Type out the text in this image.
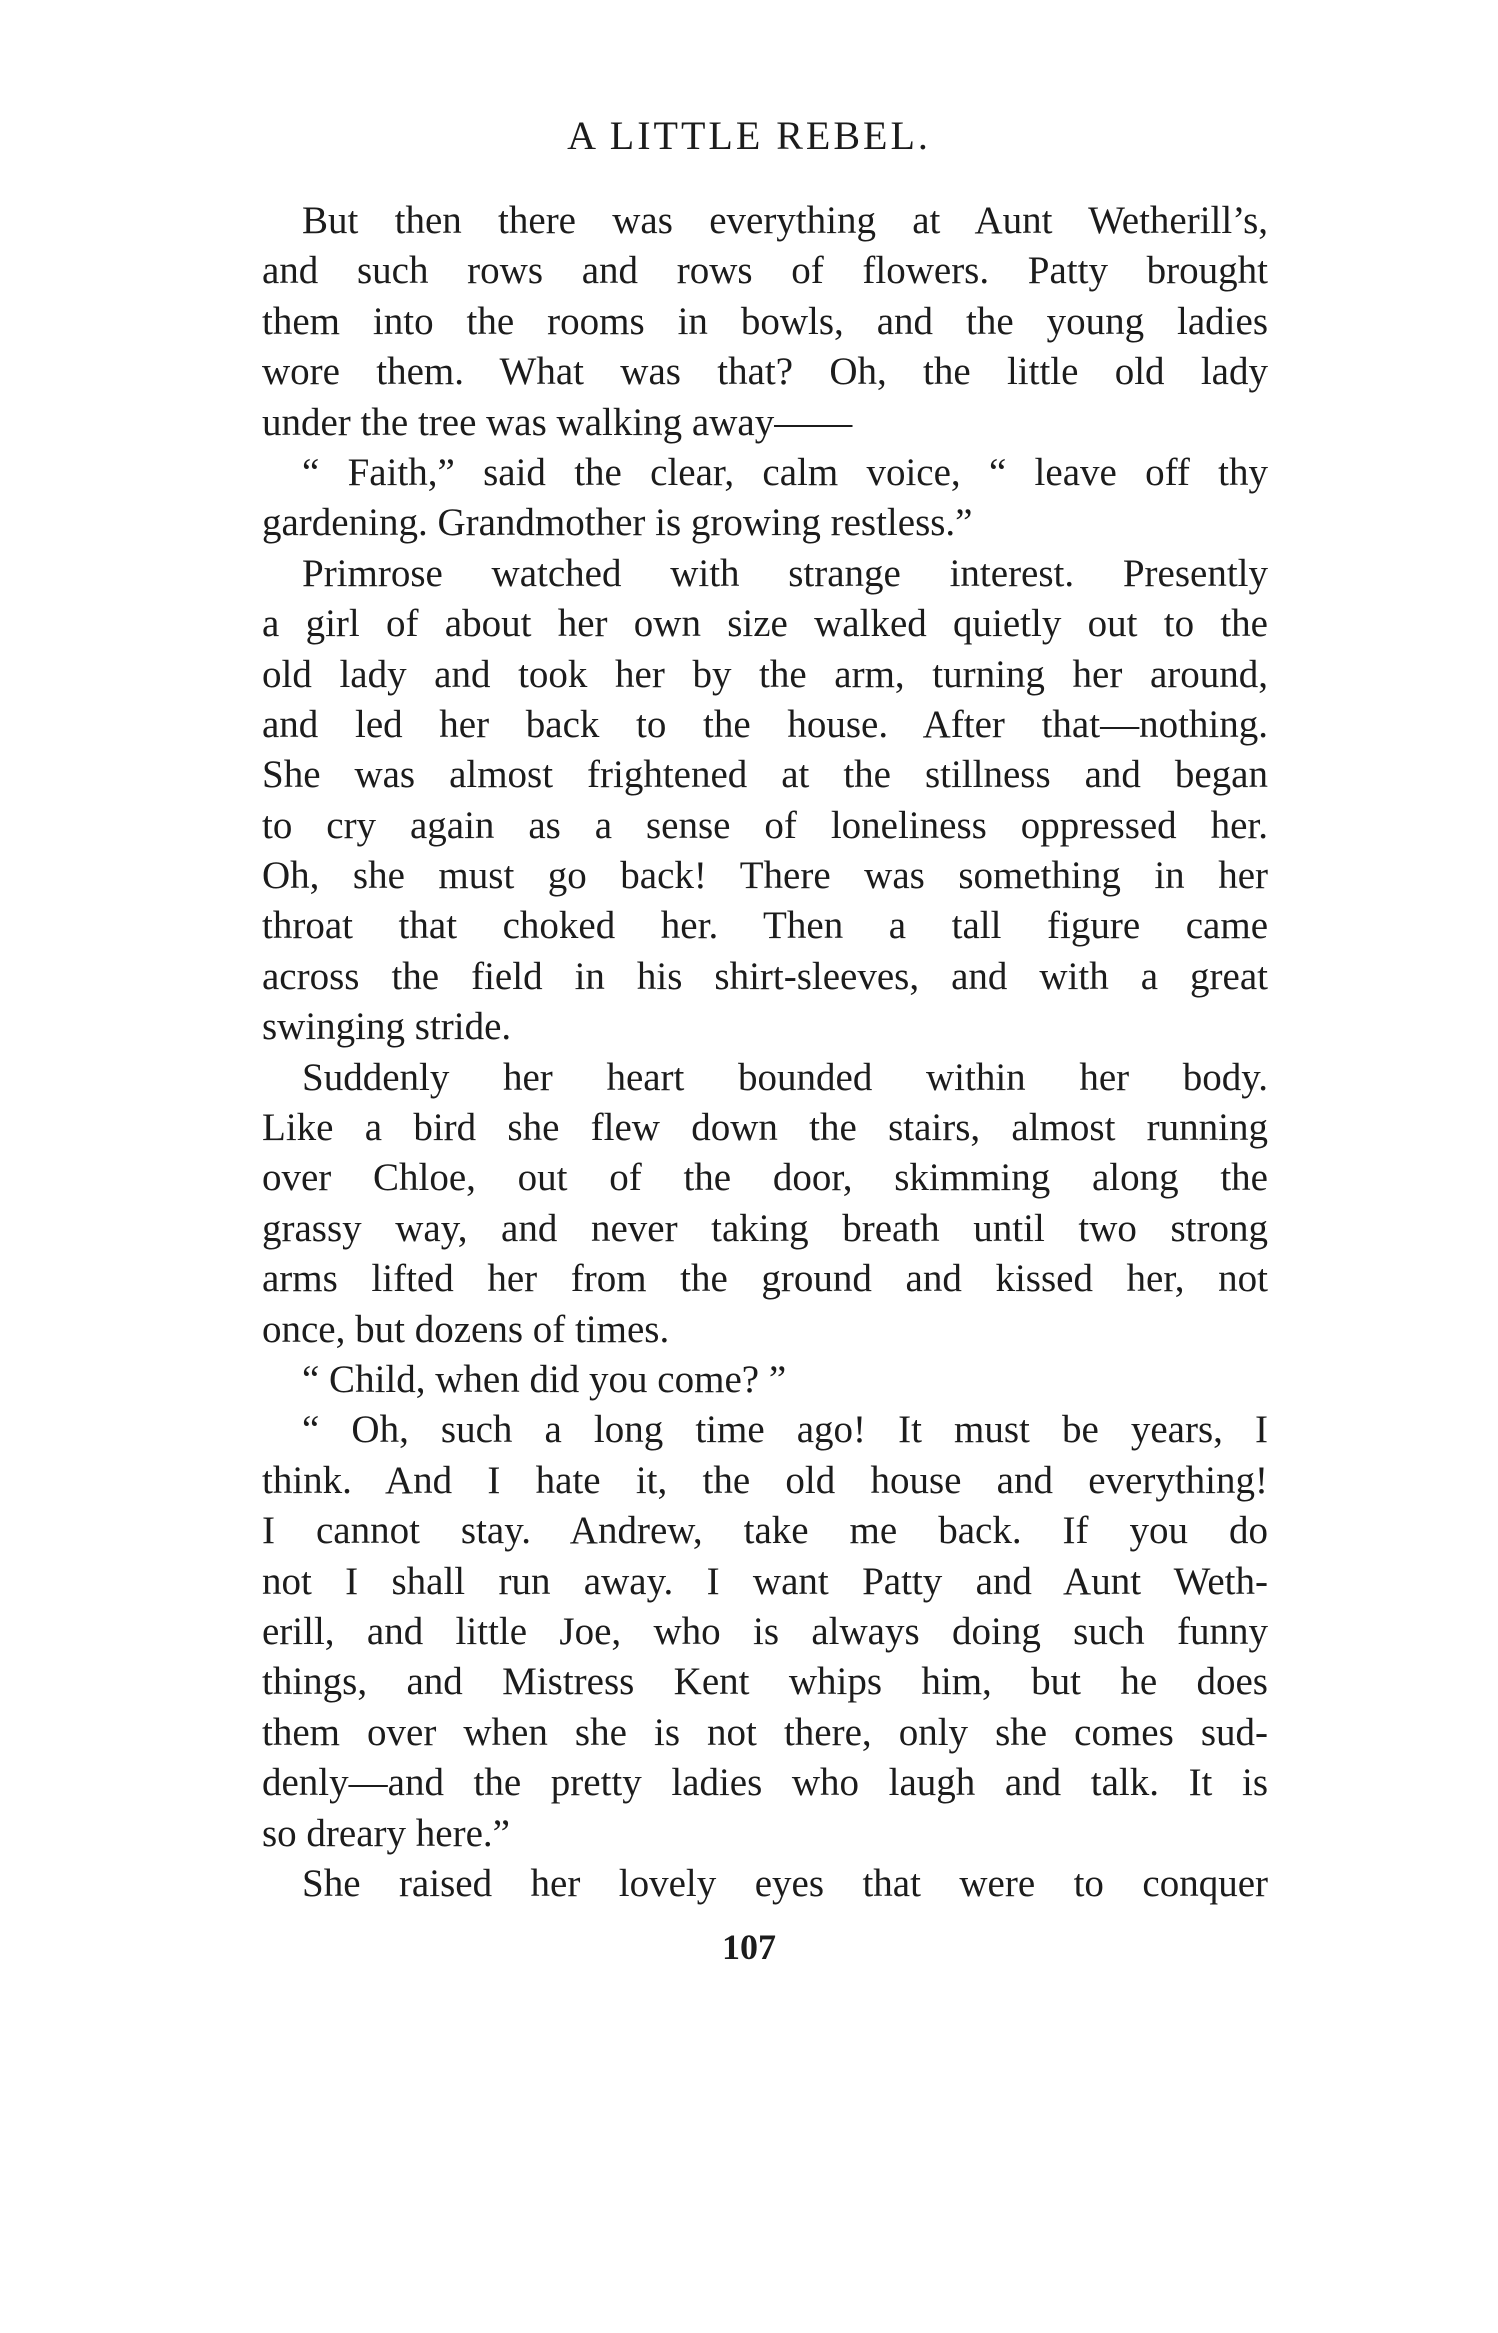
A LITTLE REBEL.
But then there was everything at Aunt Wetherill’s,
and such rows and rows of flowers. Patty brought
them into the rooms in bowls, and the young ladies
wore them. What was that? Oh, the little old lady
under the tree was walking away——
“ Faith,” said the clear, calm voice, “ leave off thy
gardening. Grandmother is growing restless.”
Primrose watched with strange interest. Presently
a girl of about her own size walked quietly out to the
old lady and took her by the arm, turning her around,
and led her back to the house. After that—nothing.
She was almost frightened at the stillness and began
to cry again as a sense of loneliness oppressed her.
Oh, she must go back! There was something in her
throat that choked her. Then a tall figure came
across the field in his shirt-sleeves, and with a great
swinging stride.
Suddenly her heart bounded within her body.
Like a bird she flew down the stairs, almost running
over Chloe, out of the door, skimming along the
grassy way, and never taking breath until two strong
arms lifted her from the ground and kissed her, not
once, but dozens of times.
“ Child, when did you come? ”
“ Oh, such a long time ago! It must be years, I
think. And I hate it, the old house and everything!
I cannot stay. Andrew, take me back. If you do
not I shall run away. I want Patty and Aunt Weth-
erill, and little Joe, who is always doing such funny
things, and Mistress Kent whips him, but he does
them over when she is not there, only she comes sud-
denly—and the pretty ladies who laugh and talk. It is
so dreary here.”
She raised her lovely eyes that were to conquer
107
